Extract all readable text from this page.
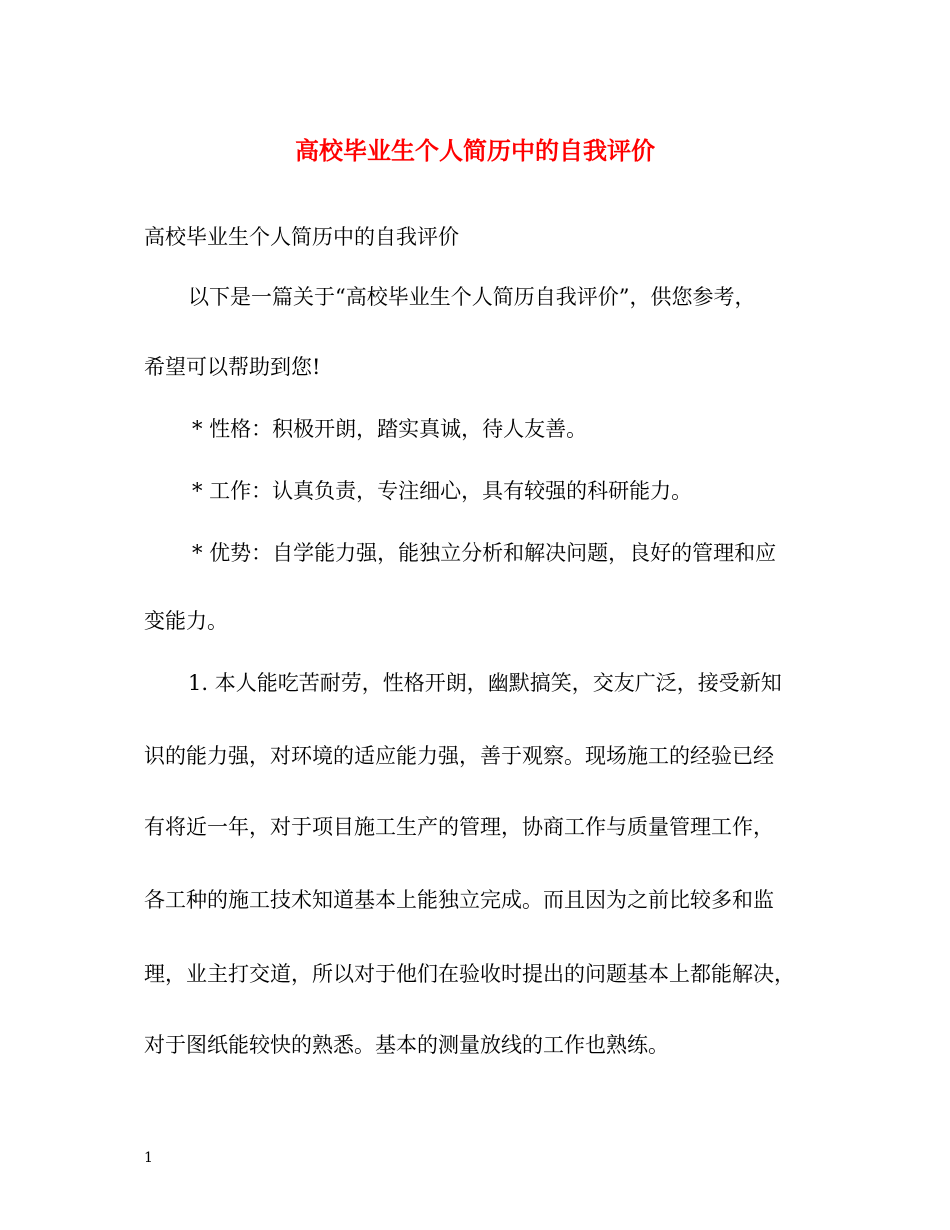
高校毕业生个人简历中的自我评价
高校毕业生个人简历中的自我评价
以下是一篇关于“高校毕业生个人简历自我评价”，供您参考，
希望可以帮助到您!
* 性格：积极开朗，踏实真诚，待人友善。
* 工作：认真负责，专注细心，具有较强的科研能力。
* 优势：自学能力强，能独立分析和解决问题，良好的管理和应
变能力。
1. 本人能吃苦耐劳，性格开朗，幽默搞笑，交友广泛，接受新知
识的能力强，对环境的适应能力强，善于观察。现场施工的经验已经
有将近一年，对于项目施工生产的管理，协商工作与质量管理工作，
各工种的施工技术知道基本上能独立完成。而且因为之前比较多和监
理，业主打交道，所以对于他们在验收时提出的问题基本上都能解决，
对于图纸能较快的熟悉。基本的测量放线的工作也熟练。
1
